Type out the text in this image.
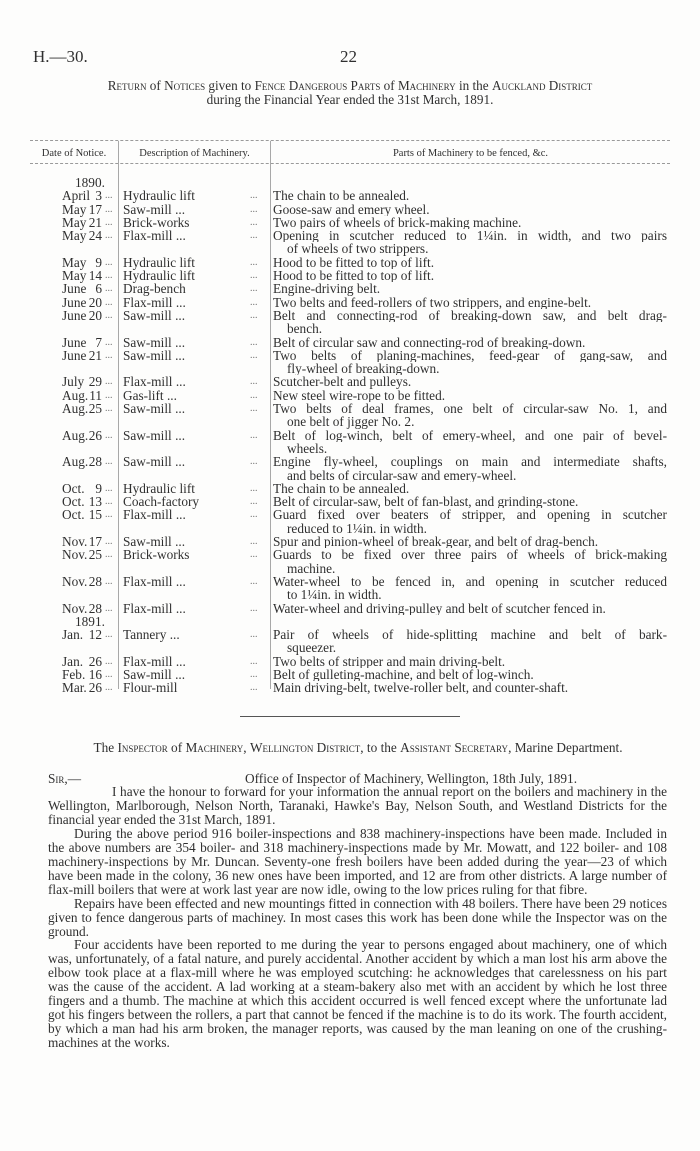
H.—30.	22
Return of Notices given to Fence Dangerous Parts of Machinery in the Auckland District
during the Financial Year ended the 31st March, 1891.
Date of Notice.	Description of Machinery.	Parts of Machinery to be fenced, &c.
1890.
April 3 ... Hydraulic lift	... The chain to be annealed.
May 17 ... Saw-mill ...	... Goose-saw and emery wheel.
May 21 ... Brick-works	... Two pairs of wheels of brick-making machine.
May 24 ... Flax-mill ...	... Opening in scutcher reduced to 1¼in. in width, and two pairs
of wheels of two strippers.
May 9 ... Hydraulic lift	... Hood to be fitted to top of lift.
May 14 ... Hydraulic lift	... Hood to be fitted to top of lift.
June 6 ... Drag-bench	... Engine-driving belt.
June 20 ... Flax-mill ...	... Two belts and feed-rollers of two strippers, and engine-belt.
June 20 ... Saw-mill ...	... Belt and connecting-rod of breaking-down saw, and belt drag-
bench.
June 7 ... Saw-mill ...	... Belt of circular saw and connecting-rod of breaking-down.
June 21 ... Saw-mill ...	... Two belts of planing-machines, feed-gear of gang-saw, and
fly-wheel of breaking-down.
July 29 ... Flax-mill ...	... Scutcher-belt and pulleys.
Aug. 11 ... Gas-lift ...	... New steel wire-rope to be fitted.
Aug. 25 ... Saw-mill ...	... Two belts of deal frames, one belt of circular-saw No. 1, and
one belt of jigger No. 2.
Aug. 26 ... Saw-mill ...	... Belt of log-winch, belt of emery-wheel, and one pair of bevel-
wheels.
Aug. 28 ... Saw-mill ...	... Engine fly-wheel, couplings on main and intermediate shafts,
and belts of circular-saw and emery-wheel.
Oct. 9 ... Hydraulic lift	... The chain to be annealed.
Oct. 13 ... Coach-factory	... Belt of circular-saw, belt of fan-blast, and grinding-stone.
Oct. 15 ... Flax-mill ...	... Guard fixed over beaters of stripper, and opening in scutcher
reduced to 1¼in. in width.
Nov. 17 ... Saw-mill ...	... Spur and pinion-wheel of break-gear, and belt of drag-bench.
Nov. 25 ... Brick-works	... Guards to be fixed over three pairs of wheels of brick-making
machine.
Nov. 28 ... Flax-mill ...	... Water-wheel to be fenced in, and opening in scutcher reduced
to 1¼in. in width.
Nov. 28 ... Flax-mill ...	... Water-wheel and driving-pulley and belt of scutcher fenced in.
1891.
Jan. 12 ... Tannery ...	... Pair of wheels of hide-splitting machine and belt of bark-
squeezer.
Jan. 26 ... Flax-mill ...	... Two belts of stripper and main driving-belt.
Feb. 16 ... Saw-mill ...	... Belt of gulleting-machine, and belt of log-winch.
Mar. 26 ... Flour-mill	... Main driving-belt, twelve-roller belt, and counter-shaft.
The Inspector of Machinery, Wellington District, to the Assistant Secretary, Marine Department.
Sir,—	Office of Inspector of Machinery, Wellington, 18th July, 1891.

I have the honour to forward for your information the annual report on the boilers and machinery in the Wellington, Marlborough, Nelson North, Taranaki, Hawke's Bay, Nelson South, and Westland Districts for the financial year ended the 31st March, 1891.

During the above period 916 boiler-inspections and 838 machinery-inspections have been made. Included in the above numbers are 354 boiler- and 318 machinery-inspections made by Mr. Mowatt, and 122 boiler- and 108 machinery-inspections by Mr. Duncan. Seventy-one fresh boilers have been added during the year—23 of which have been made in the colony, 36 new ones have been imported, and 12 are from other districts. A large number of flax-mill boilers that were at work last year are now idle, owing to the low prices ruling for that fibre.

Repairs have been effected and new mountings fitted in connection with 48 boilers. There have been 29 notices given to fence dangerous parts of machiney. In most cases this work has been done while the Inspector was on the ground.

Four accidents have been reported to me during the year to persons engaged about machinery, one of which was, unfortunately, of a fatal nature, and purely accidental. Another accident by which a man lost his arm above the elbow took place at a flax-mill where he was employed scutching: he acknowledges that carelessness on his part was the cause of the accident. A lad working at a steam-bakery also met with an accident by which he lost three fingers and a thumb. The machine at which this accident occurred is well fenced except where the unfortunate lad got his fingers between the rollers, a part that cannot be fenced if the machine is to do its work. The fourth accident, by which a man had his arm broken, the manager reports, was caused by the man leaning on one of the crushing-machines at the works.
